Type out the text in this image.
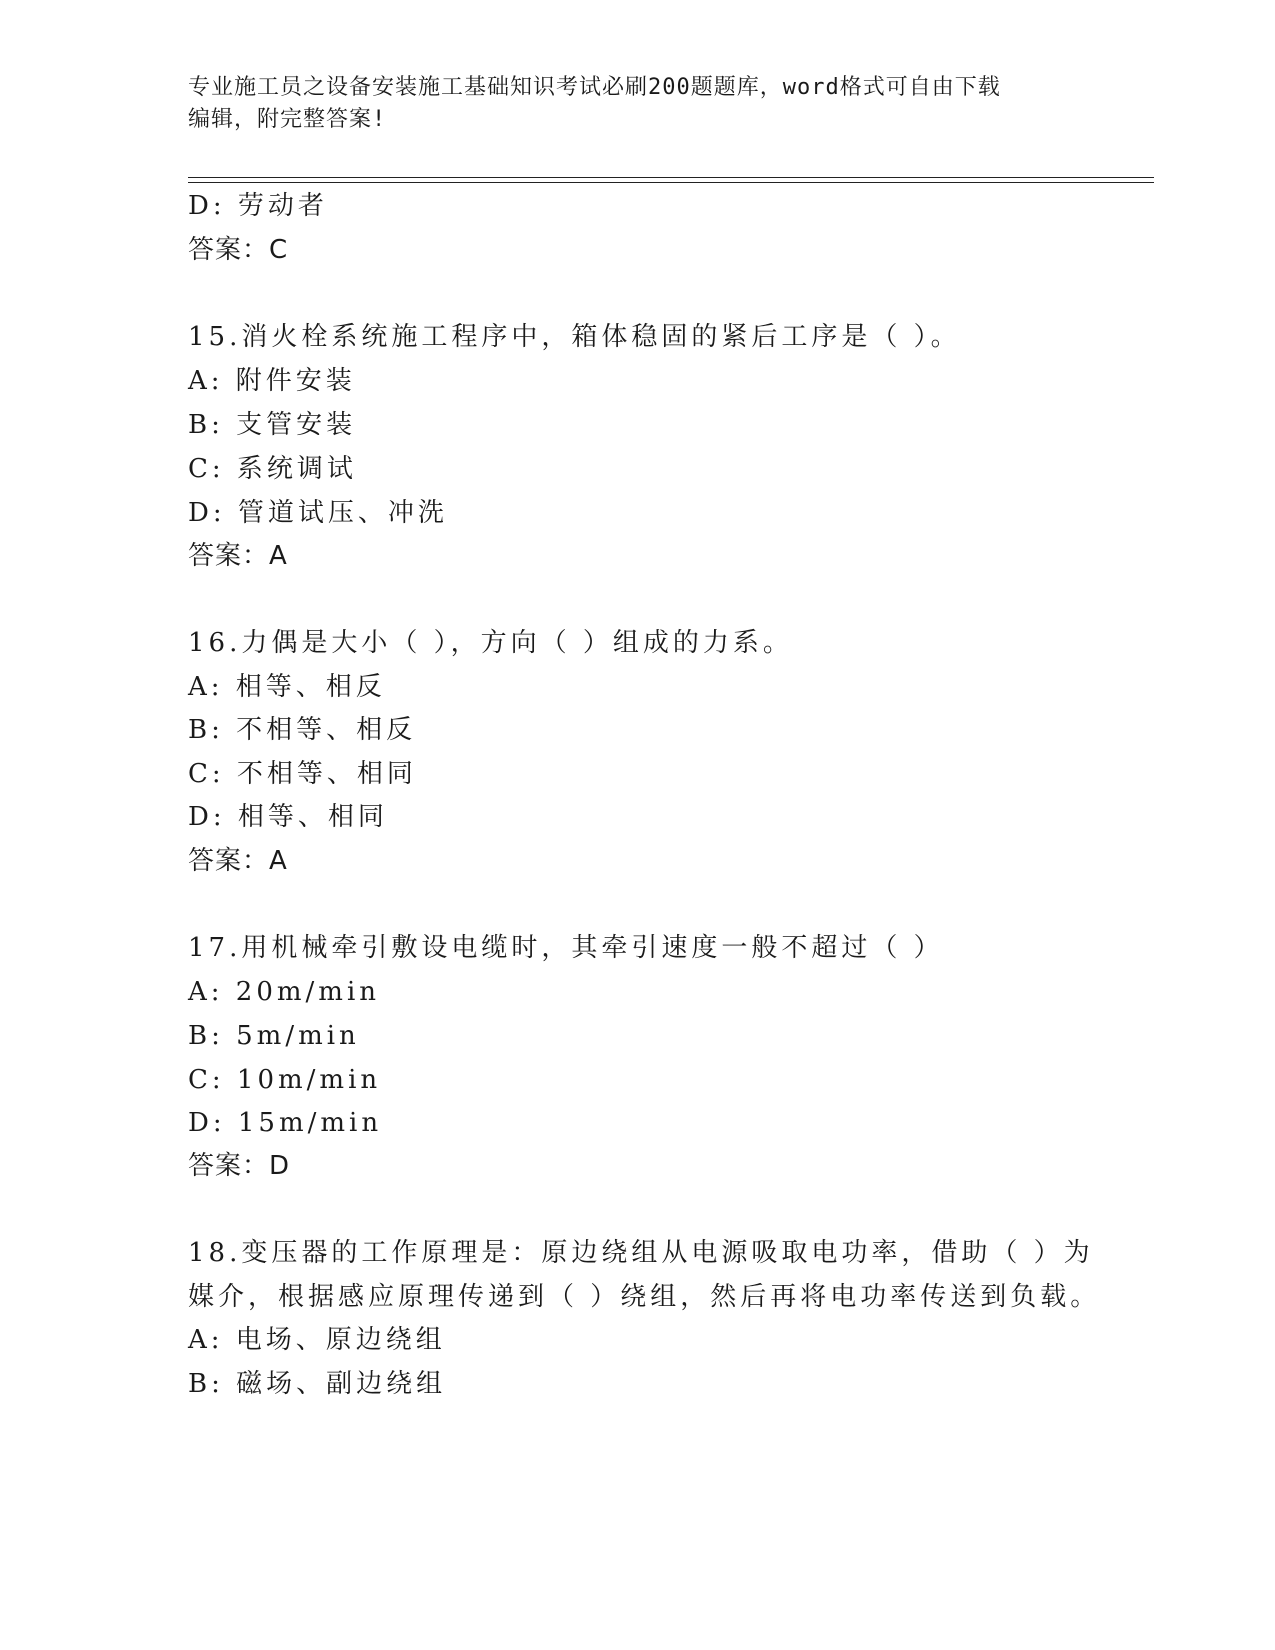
专业施工员之设备安装施工基础知识考试必刷200题题库，word格式可自由下载
编辑，附完整答案!
D: 劳动者
答案：C
15.消火栓系统施工程序中，箱体稳固的紧后工序是（ ）。
A: 附件安装
B: 支管安装
C: 系统调试
D: 管道试压、冲洗
答案：A
16.力偶是大小（ ），方向（ ）组成的力系。
A: 相等、相反
B: 不相等、相反
C: 不相等、相同
D: 相等、相同
答案：A
17.用机械牵引敷设电缆时，其牵引速度一般不超过（ ）
A: 20m/min
B: 5m/min
C: 10m/min
D: 15m/min
答案：D
18.变压器的工作原理是：原边绕组从电源吸取电功率，借助（ ）为
媒介，根据感应原理传递到（ ）绕组，然后再将电功率传送到负载。
A: 电场、原边绕组
B: 磁场、副边绕组
